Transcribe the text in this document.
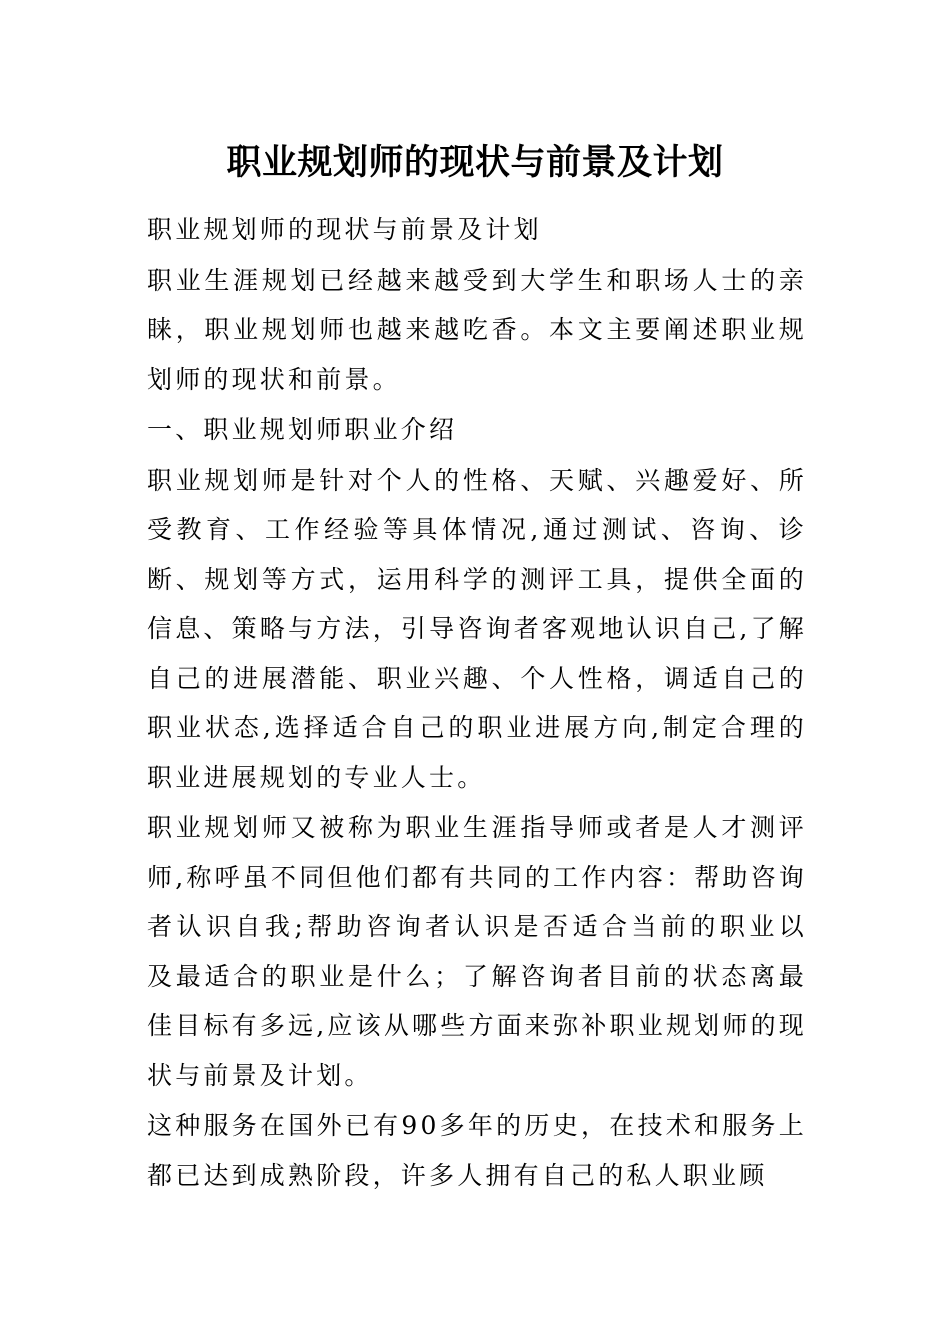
职业规划师的现状与前景及计划

职业规划师的现状与前景及计划

职业生涯规划已经越来越受到大学生和职场人士的亲睐，职业规划师也越来越吃香。本文主要阐述职业规划师的现状和前景。

一、职业规划师职业介绍

职业规划师是针对个人的性格、天赋、兴趣爱好、所受教育、工作经验等具体情况,通过测试、咨询、诊断、规划等方式，运用科学的测评工具，提供全面的信息、策略与方法，引导咨询者客观地认识自己,了解自己的进展潜能、职业兴趣、个人性格，调适自己的职业状态,选择适合自己的职业进展方向,制定合理的职业进展规划的专业人士。

职业规划师又被称为职业生涯指导师或者是人才测评师,称呼虽不同但他们都有共同的工作内容：帮助咨询者认识自我;帮助咨询者认识是否适合当前的职业以及最适合的职业是什么；了解咨询者目前的状态离最佳目标有多远,应该从哪些方面来弥补职业规划师的现状与前景及计划。

这种服务在国外已有90多年的历史，在技术和服务上都已达到成熟阶段，许多人拥有自己的私人职业顾
